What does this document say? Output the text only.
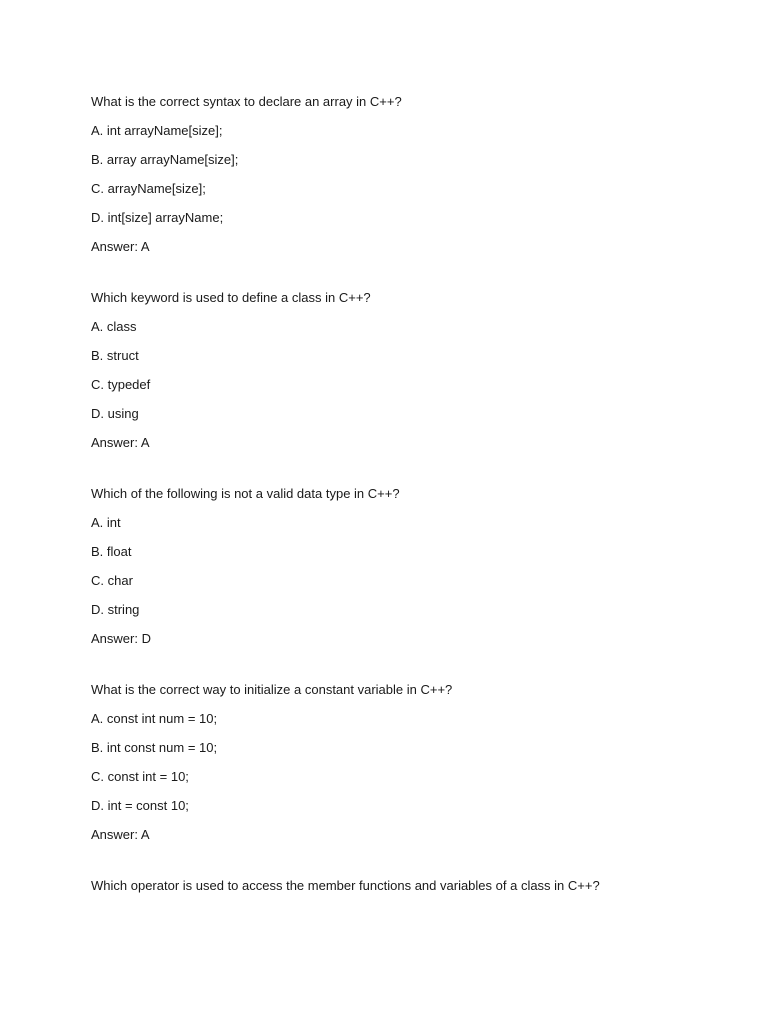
What is the correct syntax to declare an array in C++?
A. int arrayName[size];
B. array arrayName[size];
C. arrayName[size];
D. int[size] arrayName;
Answer: A
Which keyword is used to define a class in C++?
A. class
B. struct
C. typedef
D. using
Answer: A
Which of the following is not a valid data type in C++?
A. int
B. float
C. char
D. string
Answer: D
What is the correct way to initialize a constant variable in C++?
A. const int num = 10;
B. int const num = 10;
C. const int = 10;
D. int = const 10;
Answer: A
Which operator is used to access the member functions and variables of a class in C++?
